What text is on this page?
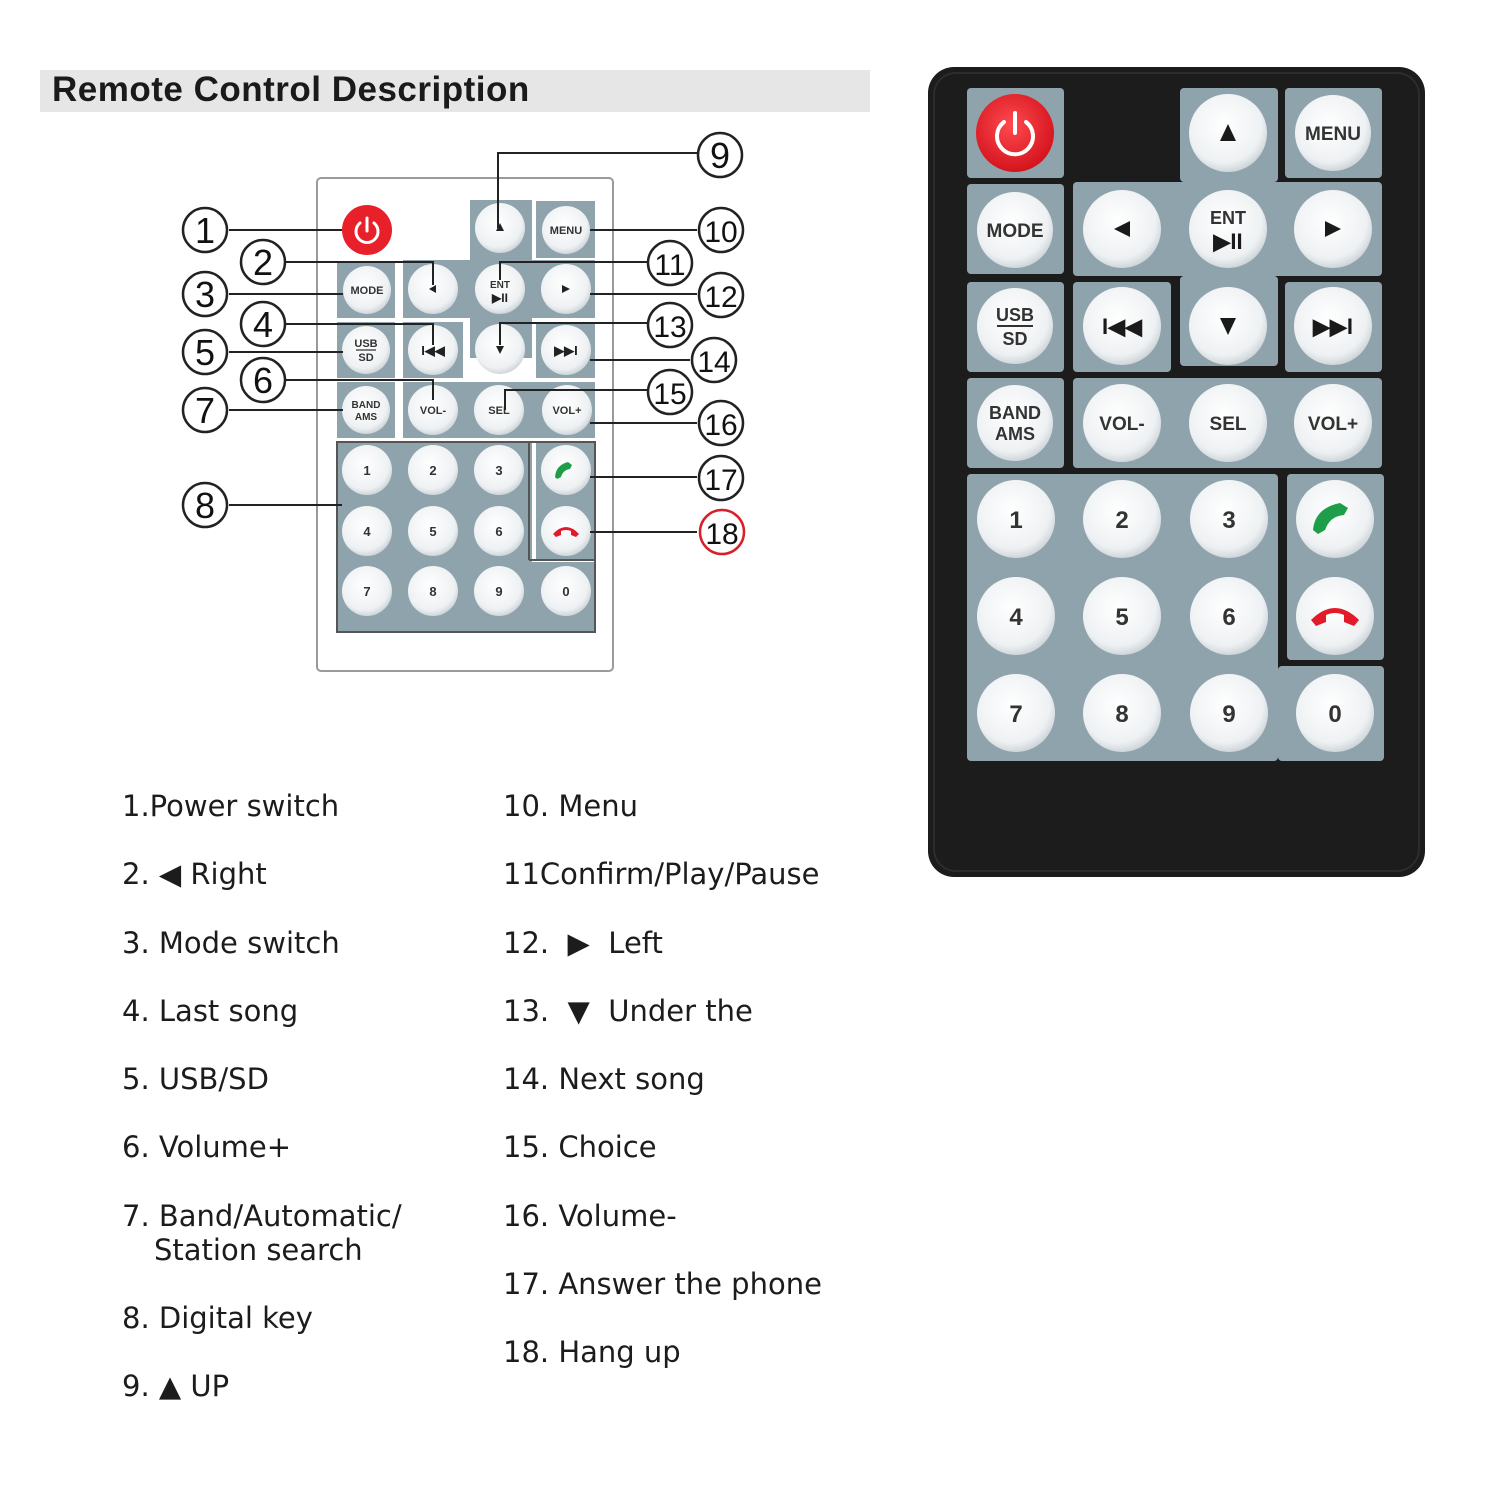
Remote Control Description
MENU
MODE	ENT
▶II
USB
SD	I◀◀	▶▶I
BAND
AMS
VOL-	SEL	VOL+
1	2	3
4	5	6
7	8	9	0
1
2
3
4
5
6
7
8
9
10
11
12
13
14
15
16
17
18
MENU
MODE
ENT
▶II
USB
SD	I◀◀	▶▶I
BAND
AMS	VOL-	SEL	VOL+
1	2	3
4	5	6
7	8	9	0
1.Power switch
2. ◀ Right
3. Mode switch
4. Last song
5. USB/SD
6. Volume+
7. Band/Automatic/
Station search
8. Digital key
9. ▲ UP
10. Menu
11Confirm/Play/Pause
12.  ▶  Left
13.  ▼  Under the
14. Next song
15. Choice
16. Volume-
17. Answer the phone
18. Hang up
